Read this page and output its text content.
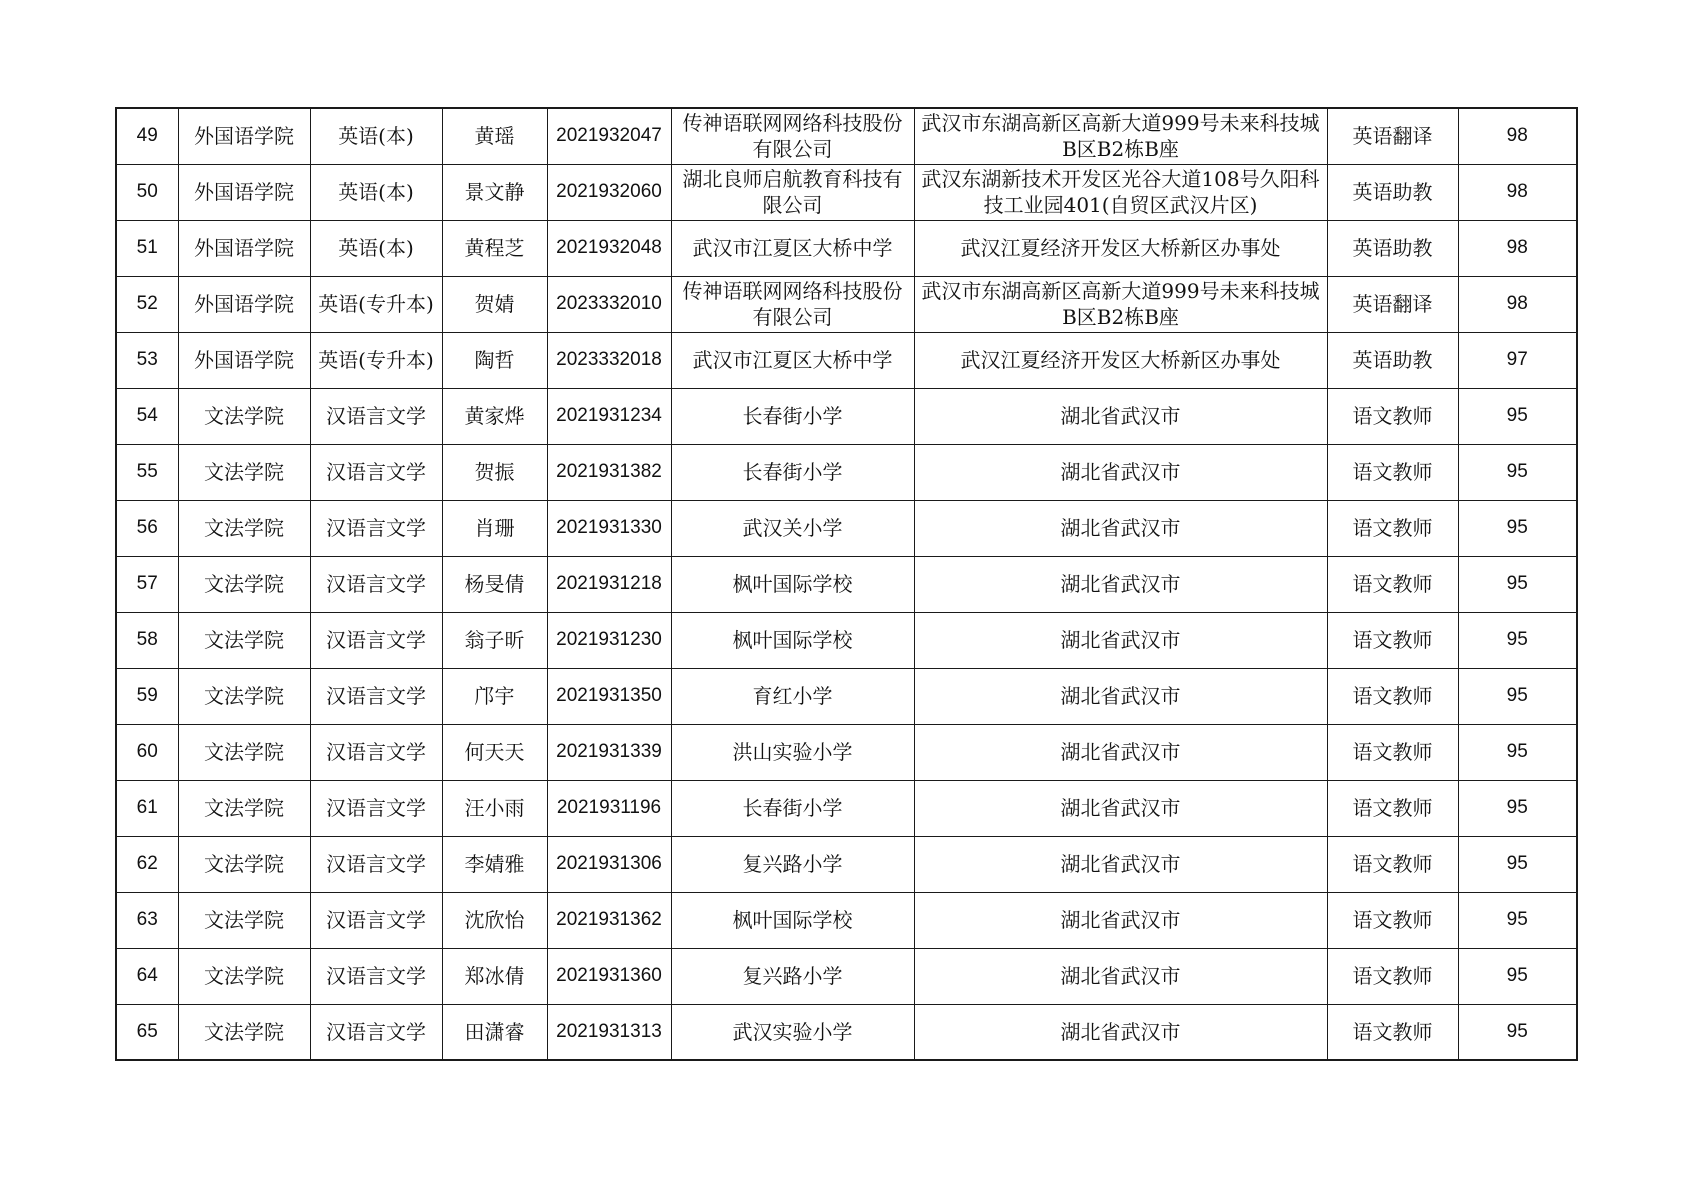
49	外国语学院	英语(本)	黄瑶	2021932047	传神语联网网络科技股份有限公司	武汉市东湖高新区高新大道999号未来科技城B区B2栋B座	英语翻译	98
50	外国语学院	英语(本)	景文静	2021932060	湖北良师启航教育科技有限公司	武汉东湖新技术开发区光谷大道108号久阳科技工业园401(自贸区武汉片区)	英语助教	98
51	外国语学院	英语(本)	黄程芝	2021932048	武汉市江夏区大桥中学	武汉江夏经济开发区大桥新区办事处	英语助教	98
52	外国语学院	英语(专升本)	贺婧	2023332010	传神语联网网络科技股份有限公司	武汉市东湖高新区高新大道999号未来科技城B区B2栋B座	英语翻译	98
53	外国语学院	英语(专升本)	陶哲	2023332018	武汉市江夏区大桥中学	武汉江夏经济开发区大桥新区办事处	英语助教	97
54	文法学院	汉语言文学	黄家烨	2021931234	长春街小学	湖北省武汉市	语文教师	95
55	文法学院	汉语言文学	贺振	2021931382	长春街小学	湖北省武汉市	语文教师	95
56	文法学院	汉语言文学	肖珊	2021931330	武汉关小学	湖北省武汉市	语文教师	95
57	文法学院	汉语言文学	杨旻倩	2021931218	枫叶国际学校	湖北省武汉市	语文教师	95
58	文法学院	汉语言文学	翁子昕	2021931230	枫叶国际学校	湖北省武汉市	语文教师	95
59	文法学院	汉语言文学	邝宇	2021931350	育红小学	湖北省武汉市	语文教师	95
60	文法学院	汉语言文学	何天天	2021931339	洪山实验小学	湖北省武汉市	语文教师	95
61	文法学院	汉语言文学	汪小雨	2021931196	长春街小学	湖北省武汉市	语文教师	95
62	文法学院	汉语言文学	李婧雅	2021931306	复兴路小学	湖北省武汉市	语文教师	95
63	文法学院	汉语言文学	沈欣怡	2021931362	枫叶国际学校	湖北省武汉市	语文教师	95
64	文法学院	汉语言文学	郑冰倩	2021931360	复兴路小学	湖北省武汉市	语文教师	95
65	文法学院	汉语言文学	田潇睿	2021931313	武汉实验小学	湖北省武汉市	语文教师	95
